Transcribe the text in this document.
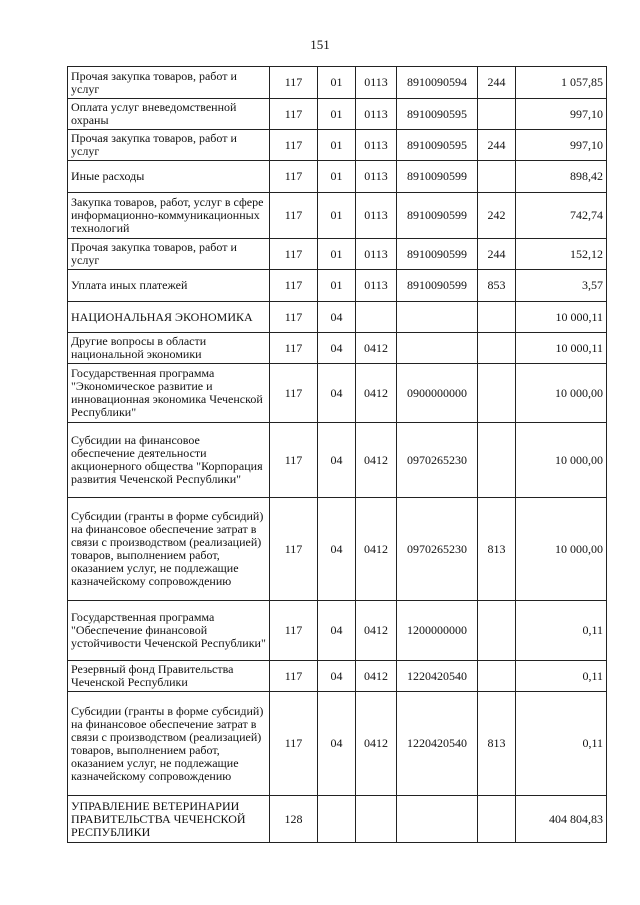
151
Прочая закупка товаров, работ и услуг	117	01	0113	8910090594	244	1 057,85
Оплата услуг вневедомственной охраны	117	01	0113	8910090595		997,10
Прочая закупка товаров, работ и услуг	117	01	0113	8910090595	244	997,10
Иные расходы	117	01	0113	8910090599		898,42
Закупка товаров, работ, услуг в сфере информационно-коммуникационных технологий	117	01	0113	8910090599	242	742,74
Прочая закупка товаров, работ и услуг	117	01	0113	8910090599	244	152,12
Уплата иных платежей	117	01	0113	8910090599	853	3,57
НАЦИОНАЛЬНАЯ ЭКОНОМИКА	117	04				10 000,11
Другие вопросы в области национальной экономики	117	04	0412			10 000,11
Государственная программа "Экономическое развитие и инновационная экономика Чеченской Республики"	117	04	0412	0900000000		10 000,00
Субсидии на финансовое обеспечение деятельности акционерного общества "Корпорация развития Чеченской Республики"	117	04	0412	0970265230		10 000,00
Субсидии (гранты в форме субсидий) на финансовое обеспечение затрат в связи с производством (реализацией) товаров, выполнением работ, оказанием услуг, не подлежащие казначейскому сопровождению	117	04	0412	0970265230	813	10 000,00
Государственная программа "Обеспечение финансовой устойчивости Чеченской Республики"	117	04	0412	1200000000		0,11
Резервный фонд Правительства Чеченской Республики	117	04	0412	1220420540		0,11
Субсидии (гранты в форме субсидий) на финансовое обеспечение затрат в связи с производством (реализацией) товаров, выполнением работ, оказанием услуг, не подлежащие казначейскому сопровождению	117	04	0412	1220420540	813	0,11
УПРАВЛЕНИЕ ВЕТЕРИНАРИИ ПРАВИТЕЛЬСТВА ЧЕЧЕНСКОЙ РЕСПУБЛИКИ	128					404 804,83
